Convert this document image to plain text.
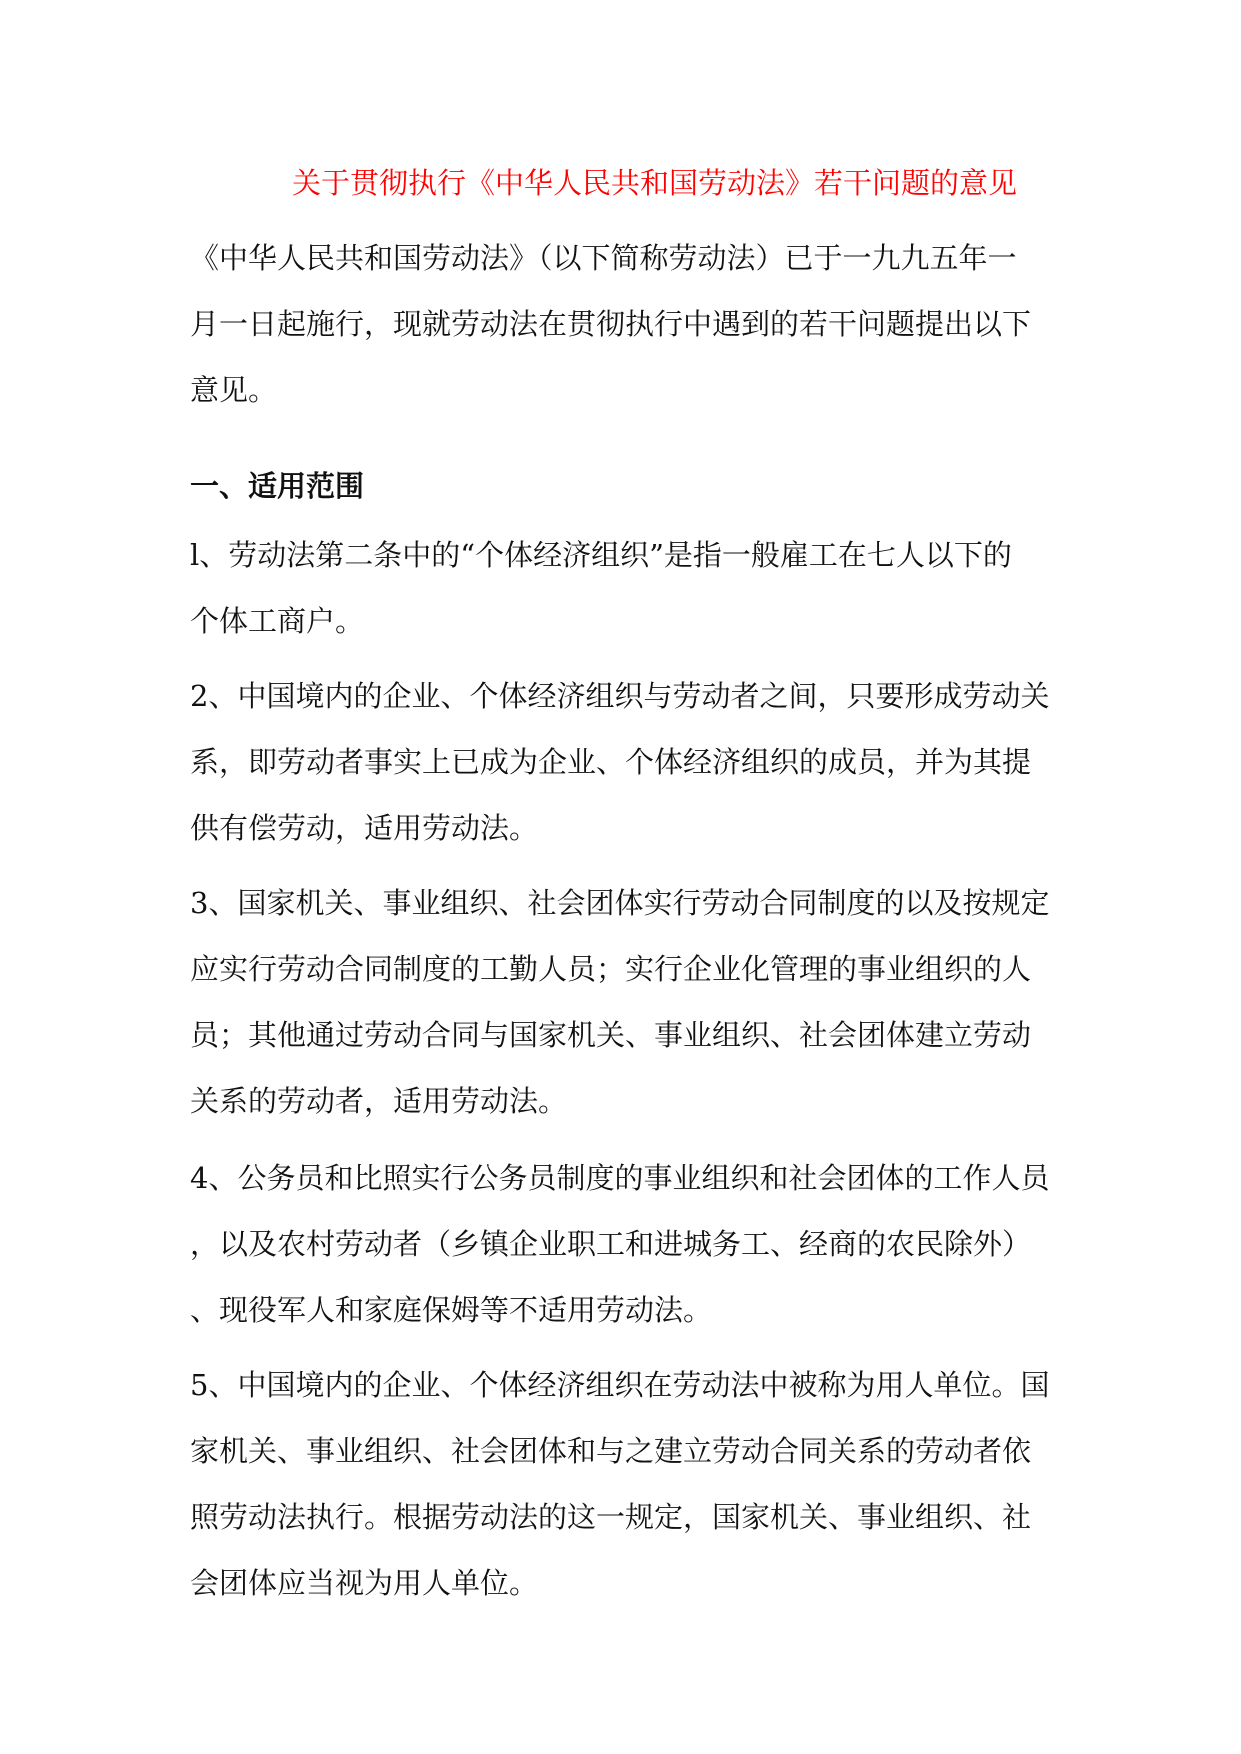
关于贯彻执行《中华人民共和国劳动法》若干问题的意见
《中华人民共和国劳动法》（以下简称劳动法）已于一九九五年一
月一日起施行，现就劳动法在贯彻执行中遇到的若干问题提出以下
意见。
一、适用范围
l、劳动法第二条中的“个体经济组织”是指一般雇工在七人以下的
个体工商户。
2、中国境内的企业、个体经济组织与劳动者之间，只要形成劳动关
系，即劳动者事实上已成为企业、个体经济组织的成员，并为其提
供有偿劳动，适用劳动法。
3、国家机关、事业组织、社会团体实行劳动合同制度的以及按规定
应实行劳动合同制度的工勤人员；实行企业化管理的事业组织的人
员；其他通过劳动合同与国家机关、事业组织、社会团体建立劳动
关系的劳动者，适用劳动法。
4、公务员和比照实行公务员制度的事业组织和社会团体的工作人员
，以及农村劳动者（乡镇企业职工和进城务工、经商的农民除外）
、现役军人和家庭保姆等不适用劳动法。
5、中国境内的企业、个体经济组织在劳动法中被称为用人单位。国
家机关、事业组织、社会团体和与之建立劳动合同关系的劳动者依
照劳动法执行。根据劳动法的这一规定，国家机关、事业组织、社
会团体应当视为用人单位。
